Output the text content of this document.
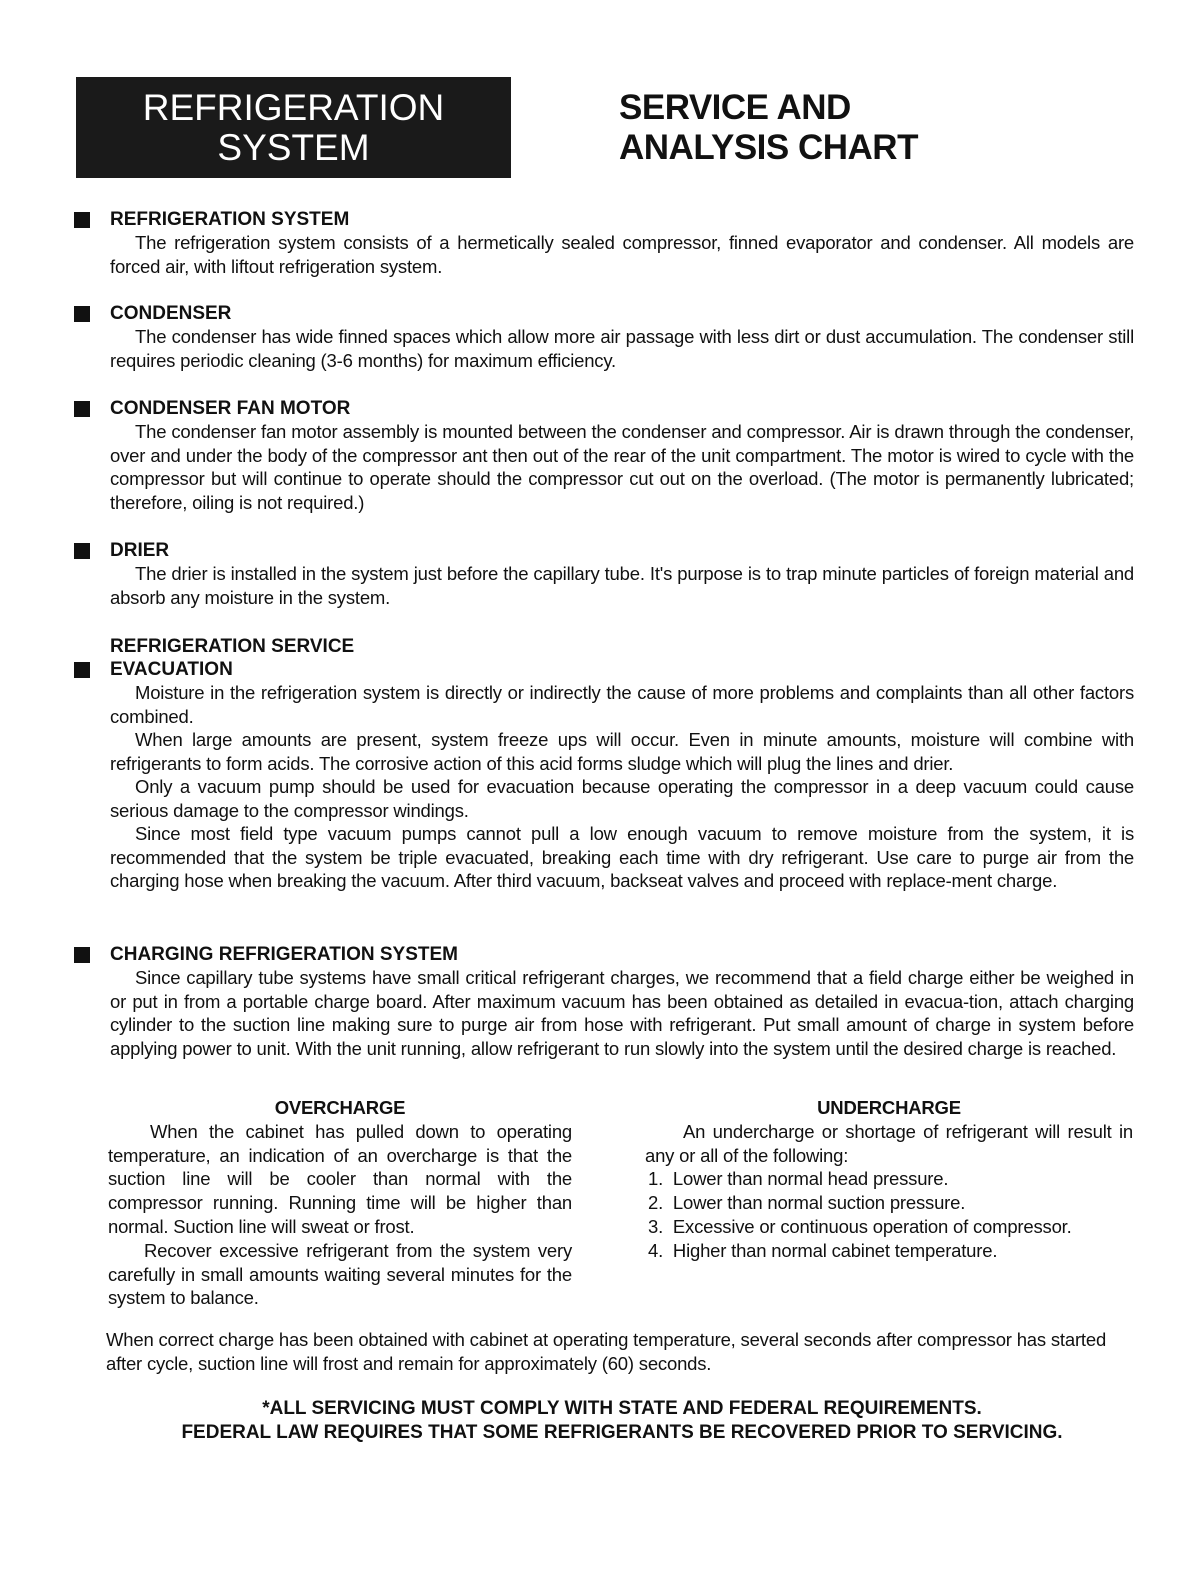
REFRIGERATION
SYSTEM
SERVICE AND
ANALYSIS CHART
REFRIGERATION SYSTEM
The refrigeration system consists of a hermetically sealed compressor, finned evaporator and condenser. All models are forced air, with liftout refrigeration system.
CONDENSER
The condenser has wide finned spaces which allow more air passage with less dirt or dust accumulation. The condenser still requires periodic cleaning (3-6 months) for maximum efficiency.
CONDENSER FAN MOTOR
The condenser fan motor assembly is mounted between the condenser and compressor. Air is drawn through the condenser, over and under the body of the compressor ant then out of the rear of the unit compartment. The motor is wired to cycle with the compressor but will continue to operate should the compressor cut out on the overload. (The motor is permanently lubricated; therefore, oiling is not required.)
DRIER
The drier is installed in the system just before the capillary tube. It's purpose is to trap minute particles of foreign material and absorb any moisture in the system.
REFRIGERATION SERVICE
EVACUATION
Moisture in the refrigeration system is directly or indirectly the cause of more problems and complaints than all other factors combined.
When large amounts are present, system freeze ups will occur. Even in minute amounts, moisture will combine with refrigerants to form acids. The corrosive action of this acid forms sludge which will plug the lines and drier.
Only a vacuum pump should be used for evacuation because operating the compressor in a deep vacuum could cause serious damage to the compressor windings.
Since most field type vacuum pumps cannot pull a low enough vacuum to remove moisture from the system, it is recommended that the system be triple evacuated, breaking each time with dry refrigerant. Use care to purge air from the charging hose when breaking the vacuum. After third vacuum, backseat valves and proceed with replace-ment charge.
CHARGING REFRIGERATION SYSTEM
Since capillary tube systems have small critical refrigerant charges, we recommend that a field charge either be weighed in or put in from a portable charge board. After maximum vacuum has been obtained as detailed in evacua-tion, attach charging cylinder to the suction line making sure to purge air from hose with refrigerant. Put small amount of charge in system before applying power to unit. With the unit running, allow refrigerant to run slowly into the system until the desired charge is reached.
OVERCHARGE
When the cabinet has pulled down to operating temperature, an indication of an overcharge is that the suction line will be cooler than normal with the compressor running. Running time will be higher than normal. Suction line will sweat or frost.
Recover excessive refrigerant from the system very carefully in small amounts waiting several minutes for the system to balance.
UNDERCHARGE
An undercharge or shortage of refrigerant will result in any or all of the following:
1.  Lower than normal head pressure.
2.  Lower than normal suction pressure.
3.  Excessive or continuous operation of compressor.
4.  Higher than normal cabinet temperature.
When correct charge has been obtained with cabinet at operating temperature, several seconds after compressor has started after cycle, suction line will frost and remain for approximately (60) seconds.
*ALL SERVICING MUST COMPLY WITH STATE AND FEDERAL REQUIREMENTS.
FEDERAL LAW REQUIRES THAT SOME REFRIGERANTS BE RECOVERED PRIOR TO SERVICING.
